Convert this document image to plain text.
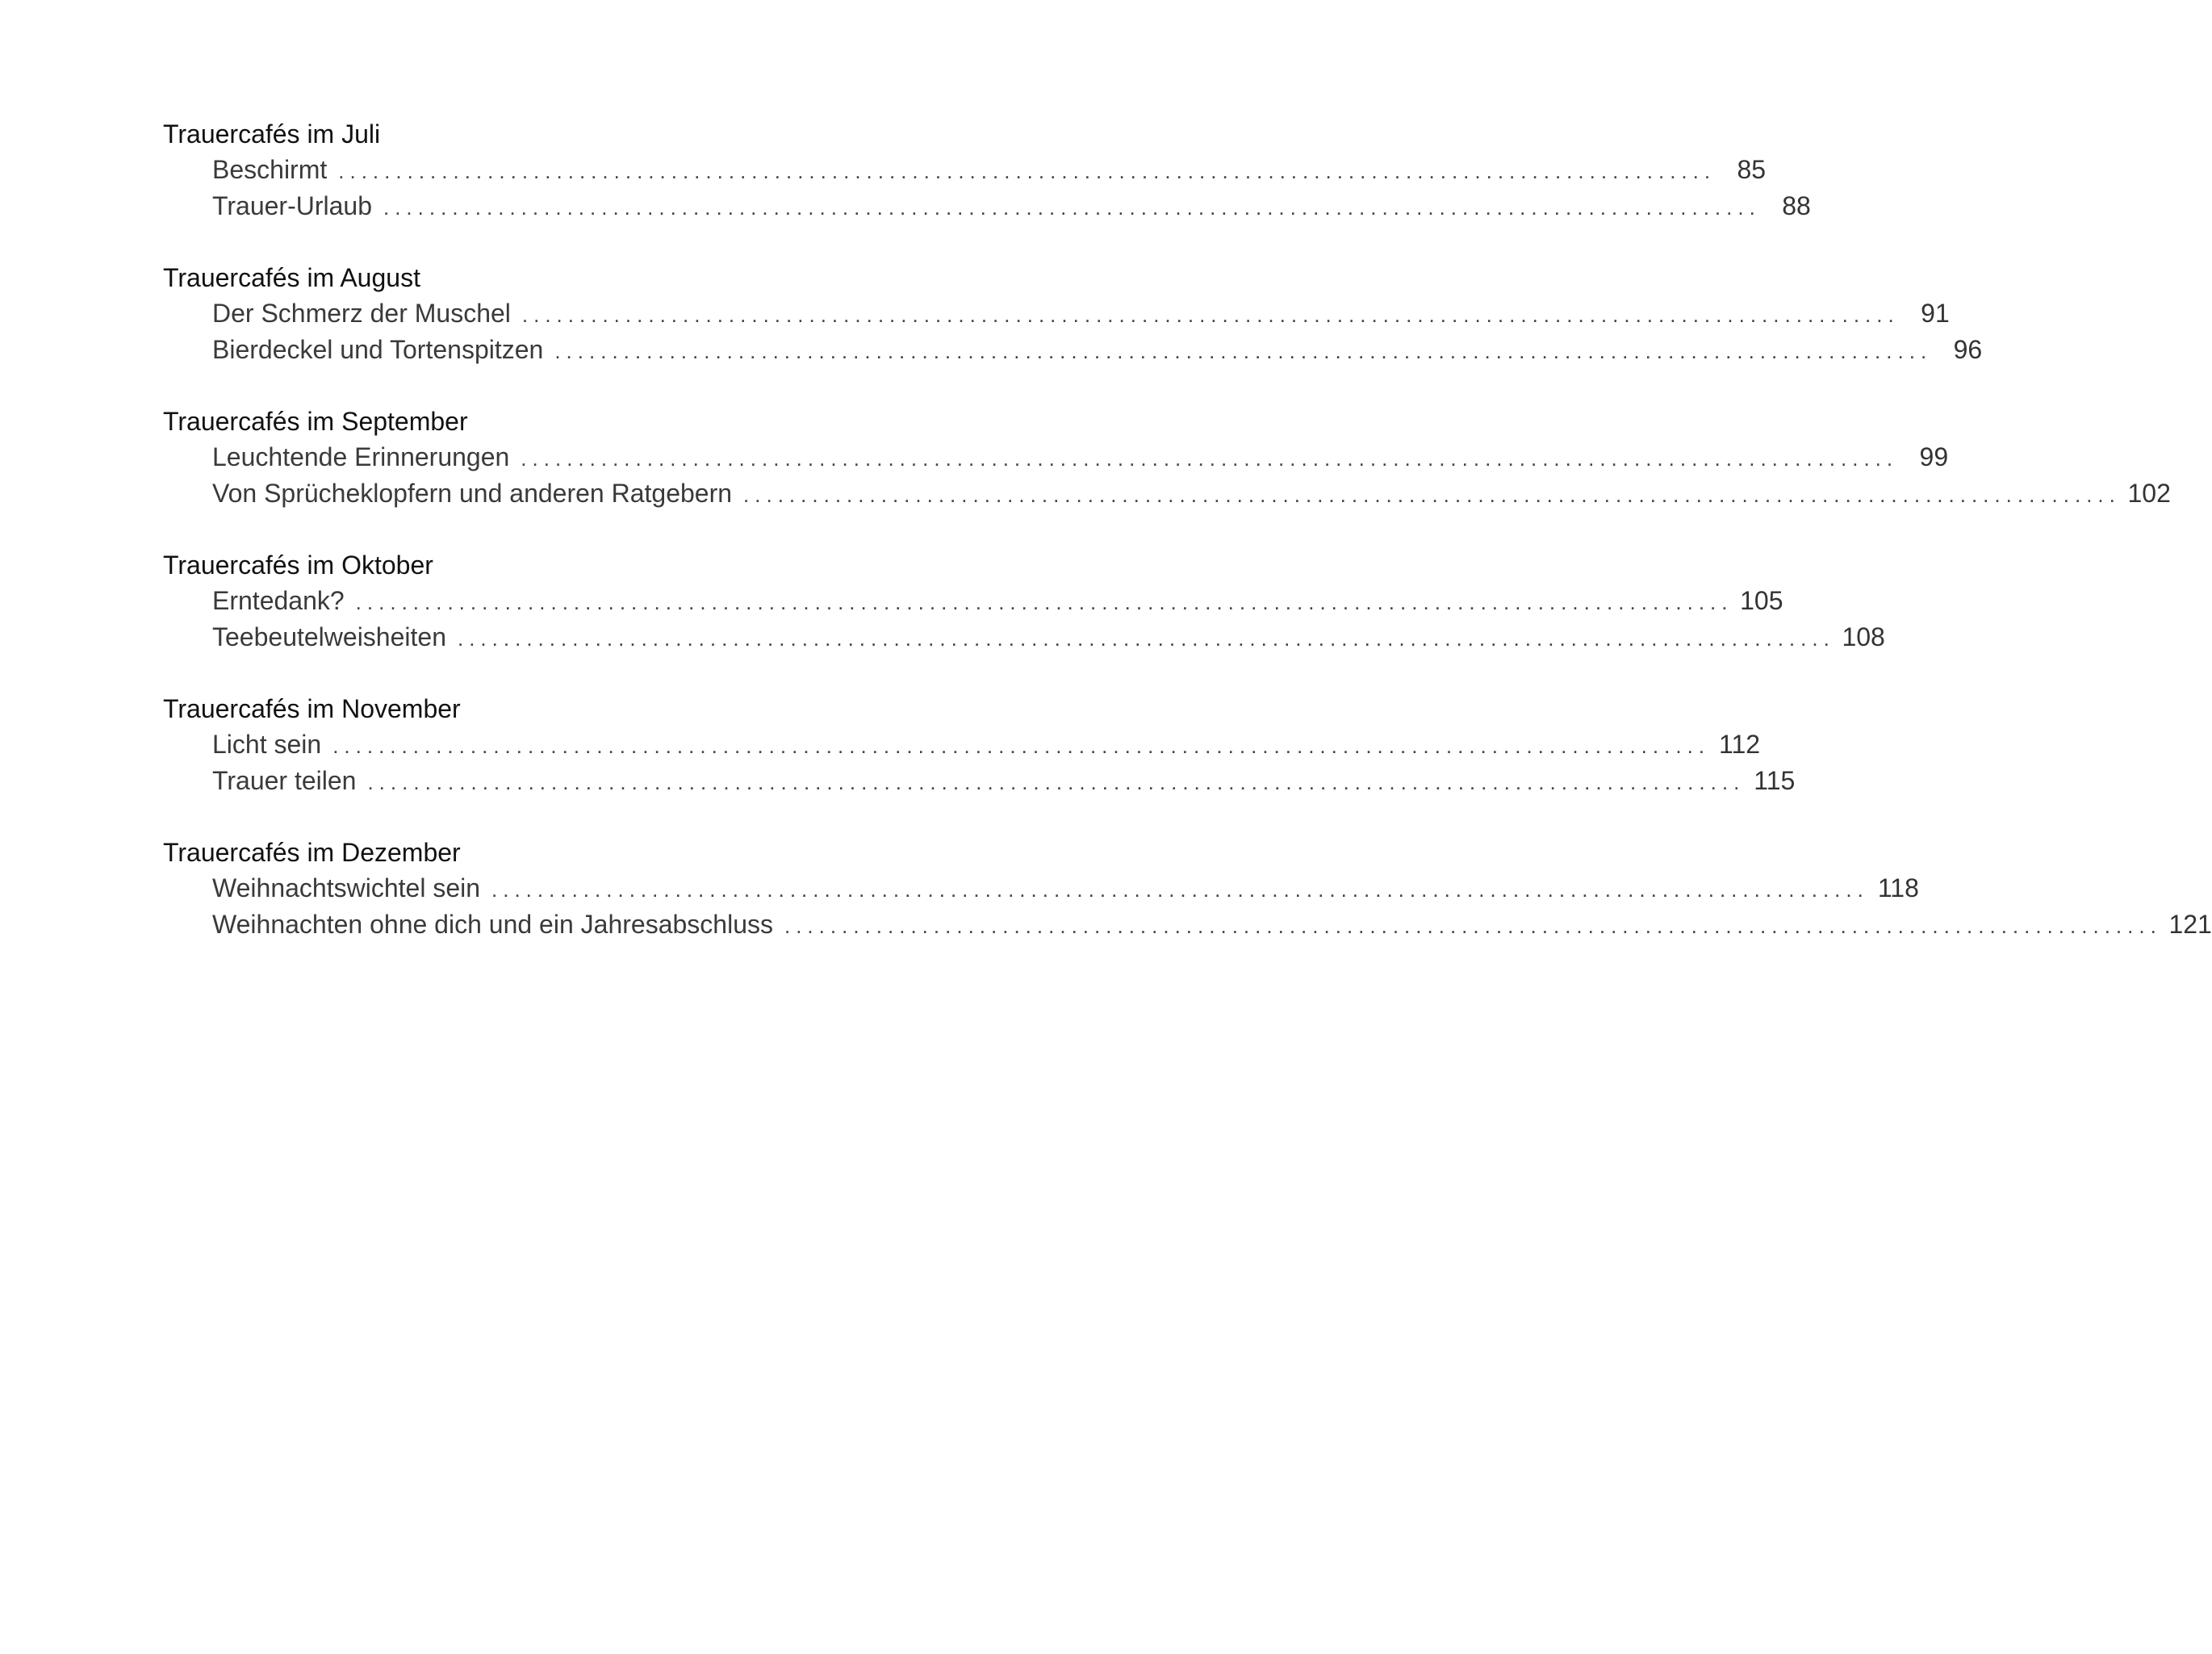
Trauercafés im Juli
Beschirmt ........................................................................................................................ 85
Trauer-Urlaub ........................................................................................................................ 88
Trauercafés im August
Der Schmerz der Muschel ........................................................................................................................ 91
Bierdeckel und Tortenspitzen ........................................................................................................................ 96
Trauercafés im September
Leuchtende Erinnerungen ........................................................................................................................ 99
Von Sprücheklopfern und anderen Ratgebern ........................................................................................................................ 102
Trauercafés im Oktober
Erntedank? ........................................................................................................................ 105
Teebeutelweisheiten ........................................................................................................................ 108
Trauercafés im November
Licht sein ........................................................................................................................ 112
Trauer teilen ........................................................................................................................ 115
Trauercafés im Dezember
Weihnachtswichtel sein ........................................................................................................................ 118
Weihnachten ohne dich und ein Jahresabschluss ........................................................................................................................ 121
